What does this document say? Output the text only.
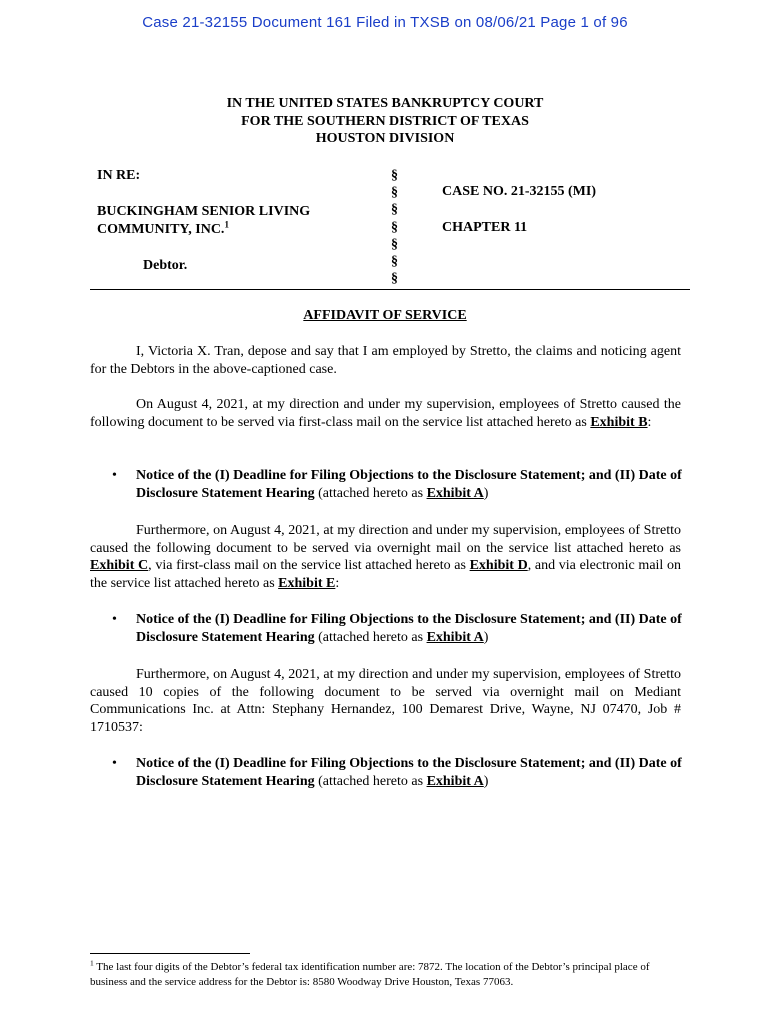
Case 21-32155 Document 161 Filed in TXSB on 08/06/21 Page 1 of 96
IN THE UNITED STATES BANKRUPTCY COURT
FOR THE SOUTHERN DISTRICT OF TEXAS
HOUSTON DIVISION
IN RE:
BUCKINGHAM SENIOR LIVING
COMMUNITY, INC.$^1$
Debtor.
§
§
§
§
§
§
§
CASE NO. 21-32155 (MI)
CHAPTER 11
AFFIDAVIT OF SERVICE
I, Victoria X. Tran, depose and say that I am employed by Stretto, the claims and noticing agent for the Debtors in the above-captioned case.
On August 4, 2021, at my direction and under my supervision, employees of Stretto caused the following document to be served via first-class mail on the service list attached hereto as Exhibit B:
• Notice of the (I) Deadline for Filing Objections to the Disclosure Statement; and (II) Date of Disclosure Statement Hearing (attached hereto as Exhibit A)
Furthermore, on August 4, 2021, at my direction and under my supervision, employees of Stretto caused the following document to be served via overnight mail on the service list attached hereto as Exhibit C, via first-class mail on the service list attached hereto as Exhibit D, and via electronic mail on the service list attached hereto as Exhibit E:
• Notice of the (I) Deadline for Filing Objections to the Disclosure Statement; and (II) Date of Disclosure Statement Hearing (attached hereto as Exhibit A)
Furthermore, on August 4, 2021, at my direction and under my supervision, employees of Stretto caused 10 copies of the following document to be served via overnight mail on Mediant Communications Inc. at Attn: Stephany Hernandez, 100 Demarest Drive, Wayne, NJ 07470, Job # 1710537:
• Notice of the (I) Deadline for Filing Objections to the Disclosure Statement; and (II) Date of Disclosure Statement Hearing (attached hereto as Exhibit A)
$^1$ The last four digits of the Debtor’s federal tax identification number are: 7872. The location of the Debtor’s principal place of business and the service address for the Debtor is: 8580 Woodway Drive Houston, Texas 77063.
